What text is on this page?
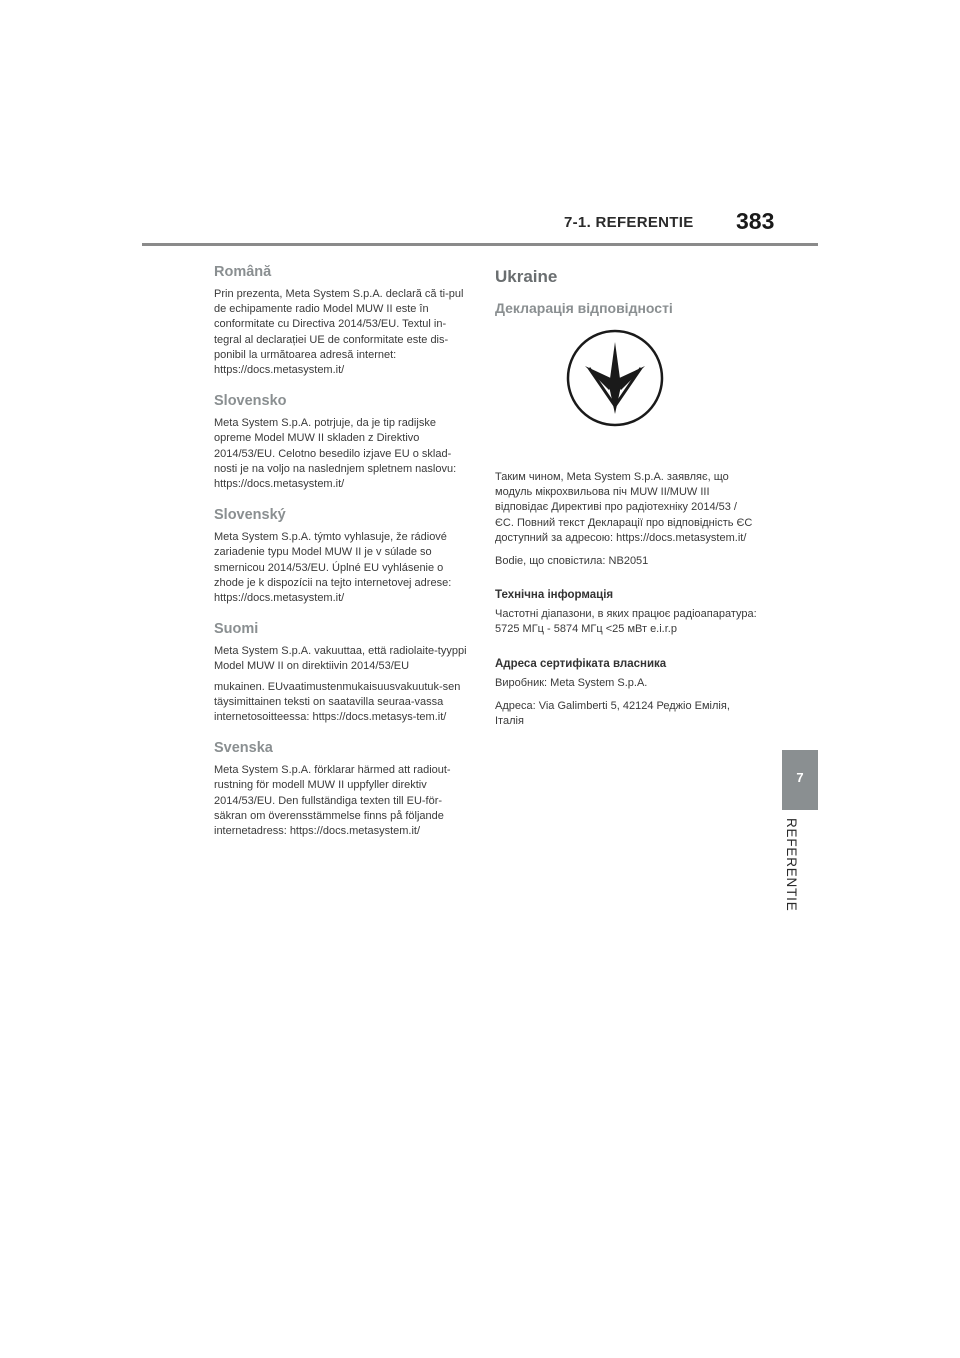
7-1. REFERENTIE 383
7
REFERENTIE
Română

Prin prezenta, Meta System S.p.A. declară că ti-pul de echipamente radio Model MUW II este în conformitate cu Directiva 2014/53/EU. Textul in-tegral al declarației UE de conformitate este dis-ponibil la următoarea adresă internet: https://docs.metasystem.it/

Slovensko

Meta System S.p.A. potrjuje, da je tip radijske opreme Model MUW II skladen z Direktivo 2014/53/EU. Celotno besedilo izjave EU o sklad-nosti je na voljo na naslednjem spletnem naslovu: https://docs.metasystem.it/

Slovenský

Meta System S.p.A. týmto vyhlasuje, že rádiové zariadenie typu Model MUW II je v súlade so smernicou 2014/53/EU. Úplné EU vyhlásenie o zhode je k dispozícii na tejto internetovej adrese: https://docs.metasystem.it/

Suomi

Meta System S.p.A. vakuuttaa, että radiolaite-tyyppi Model MUW II on direktiivin 2014/53/EU

mukainen. EUvaatimustenmukaisuusvakuutuk-sen täysimittainen teksti on saatavilla seuraa-vassa internetosoitteessa: https://docs.metasys-tem.it/

Svenska

Meta System S.p.A. förklarar härmed att radiout-rustning för modell MUW II uppfyller direktiv 2014/53/EU. Den fullständiga texten till EU-för-säkran om överensstämmelse finns på följande internetadress: https://docs.metasystem.it/

Ukraine
Декларація відповідності

Таким чином, Meta System S.p.A. заявляє, що модуль мікрохвильова піч MUW II/MUW III відповідає Директиві про радіотехніку 2014/53 / ЄС. Повний текст Декларації про відповідність ЄС доступний за адресою: https://docs.metasystem.it/

Bodie, що сповістила: NB2051

Технічна інформація

Частотні діапазони, в яких працює радіоапаратура: 5725 МГц - 5874 МГц <25 мВт e.i.r.p

Адреса сертифіката власника

Виробник: Meta System S.p.A.

Адреса: Via Galimberti 5, 42124 Реджіо Емілія, Італія
